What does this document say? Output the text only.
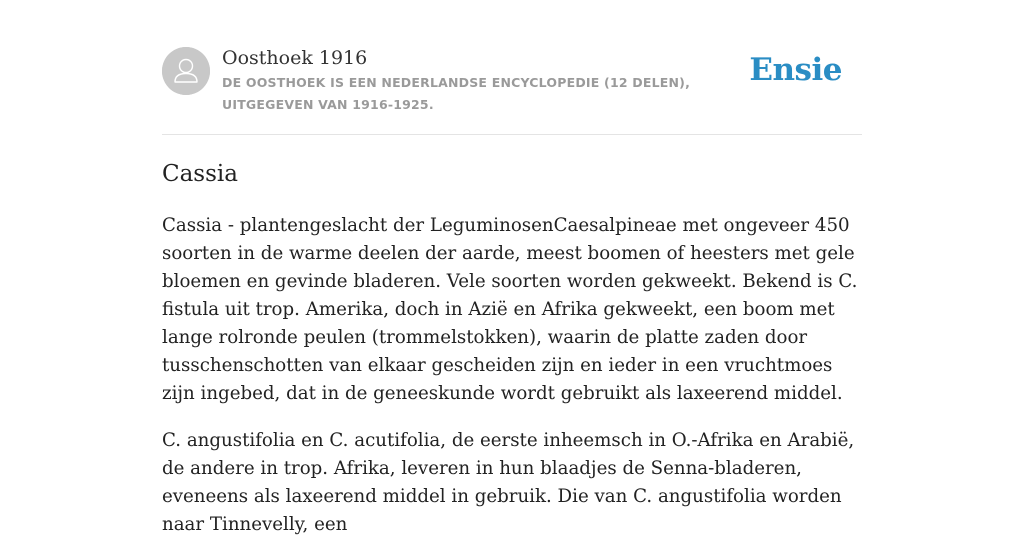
Oosthoek 1916

DE OOSTHOEK IS EEN NEDERLANDSE ENCYCLOPEDIE (12 DELEN), UITGEGEVEN VAN 1916-1925.

Ensie
Cassia

Cassia - plantengeslacht der LeguminosenCaesalpineae met ongeveer 450 soorten in de warme deelen der aarde, meest boomen of heesters met gele bloemen en gevinde bladeren. Vele soorten worden gekweekt. Bekend is C. fistula uit trop. Amerika, doch in Azië en Afrika gekweekt, een boom met lange rolronde peulen (trommelstokken), waarin de platte zaden door tusschenschotten van elkaar gescheiden zijn en ieder in een vruchtmoes zijn ingebed, dat in de geneeskunde wordt gebruikt als laxeerend middel.

C. angustifolia en C. acutifolia, de eerste inheemsch in O.-Afrika en Arabië, de andere in trop. Afrika, leveren in hun blaadjes de Senna-bladeren, eveneens als laxeerend middel in gebruik. Die van C. angustifolia worden naar Tinnevelly, een
